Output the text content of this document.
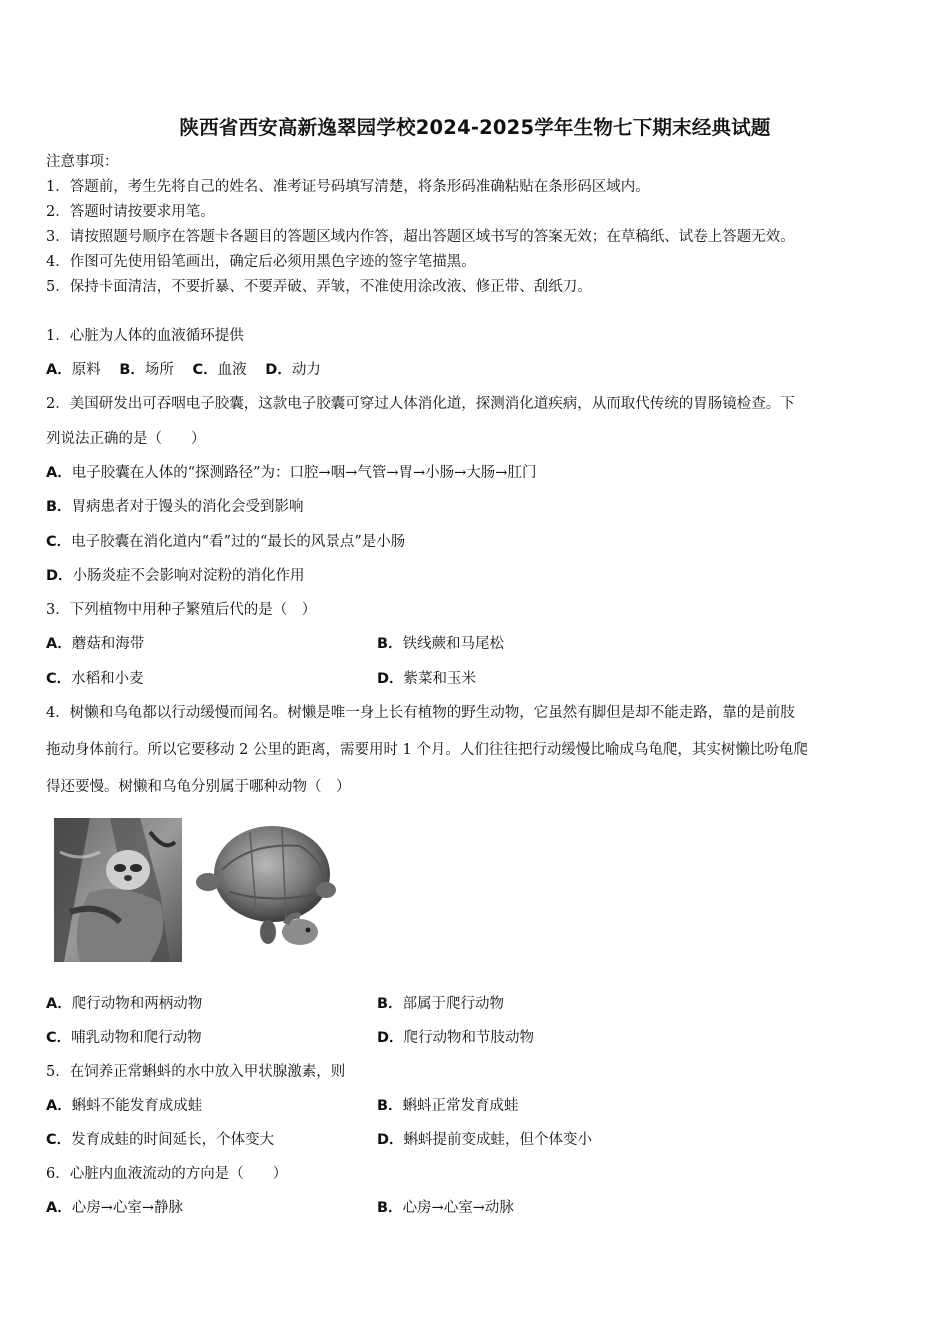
陕西省西安高新逸翠园学校2024-2025学年生物七下期末经典试题
注意事项：
1．答题前，考生先将自己的姓名、准考证号码填写清楚，将条形码准确粘贴在条形码区域内。
2．答题时请按要求用笔。
3．请按照题号顺序在答题卡各题目的答题区域内作答，超出答题区域书写的答案无效；在草稿纸、试卷上答题无效。
4．作图可先使用铅笔画出，确定后必须用黑色字迹的签字笔描黑。
5．保持卡面清洁，不要折暴、不要弄破、弄皱，不准使用涂改液、修正带、刮纸刀。
1．心脏为人体的血液循环提供
A．原料 B．场所 C．血液 D．动力
2．美国研发出可吞咽电子胶囊，这款电子胶囊可穿过人体消化道，探测消化道疾病，从而取代传统的胃肠镜检查。下
列说法正确的是（　　）
A．电子胶囊在人体的“探测路径”为：口腔→咽→气管→胃→小肠→大肠→肛门
B．胃病患者对于馒头的消化会受到影响
C．电子胶囊在消化道内“看”过的“最长的风景点”是小肠
D．小肠炎症不会影响对淀粉的消化作用
3．下列植物中用种子繁殖后代的是（　）
A．蘑菇和海带	B．铁线蕨和马尾松
C．水稻和小麦	D．紫菜和玉米
4．树懒和乌龟都以行动缓慢而闻名。树懒是唯一身上长有植物的野生动物，它虽然有脚但是却不能走路，靠的是前肢
拖动身体前行。所以它要移动 2 公里的距离，需要用时 1 个月。人们往往把行动缓慢比喻成乌龟爬，其实树懒比吩龟爬
得还要慢。树懒和乌龟分别属于哪种动物（　）
A．爬行动物和两柄动物	B．部属于爬行动物
C．哺乳动物和爬行动物	D．爬行动物和节肢动物
5．在饲养正常蝌蚪的水中放入甲状腺激素，则
A．蝌蚪不能发育成成蛙	B．蝌蚪正常发育成蛙
C．发育成蛙的时间延长，个体变大	D．蝌蚪提前变成蛙，但个体变小
6．心脏内血液流动的方向是（　　）
A．心房→心室→静脉	B．心房→心室→动脉
